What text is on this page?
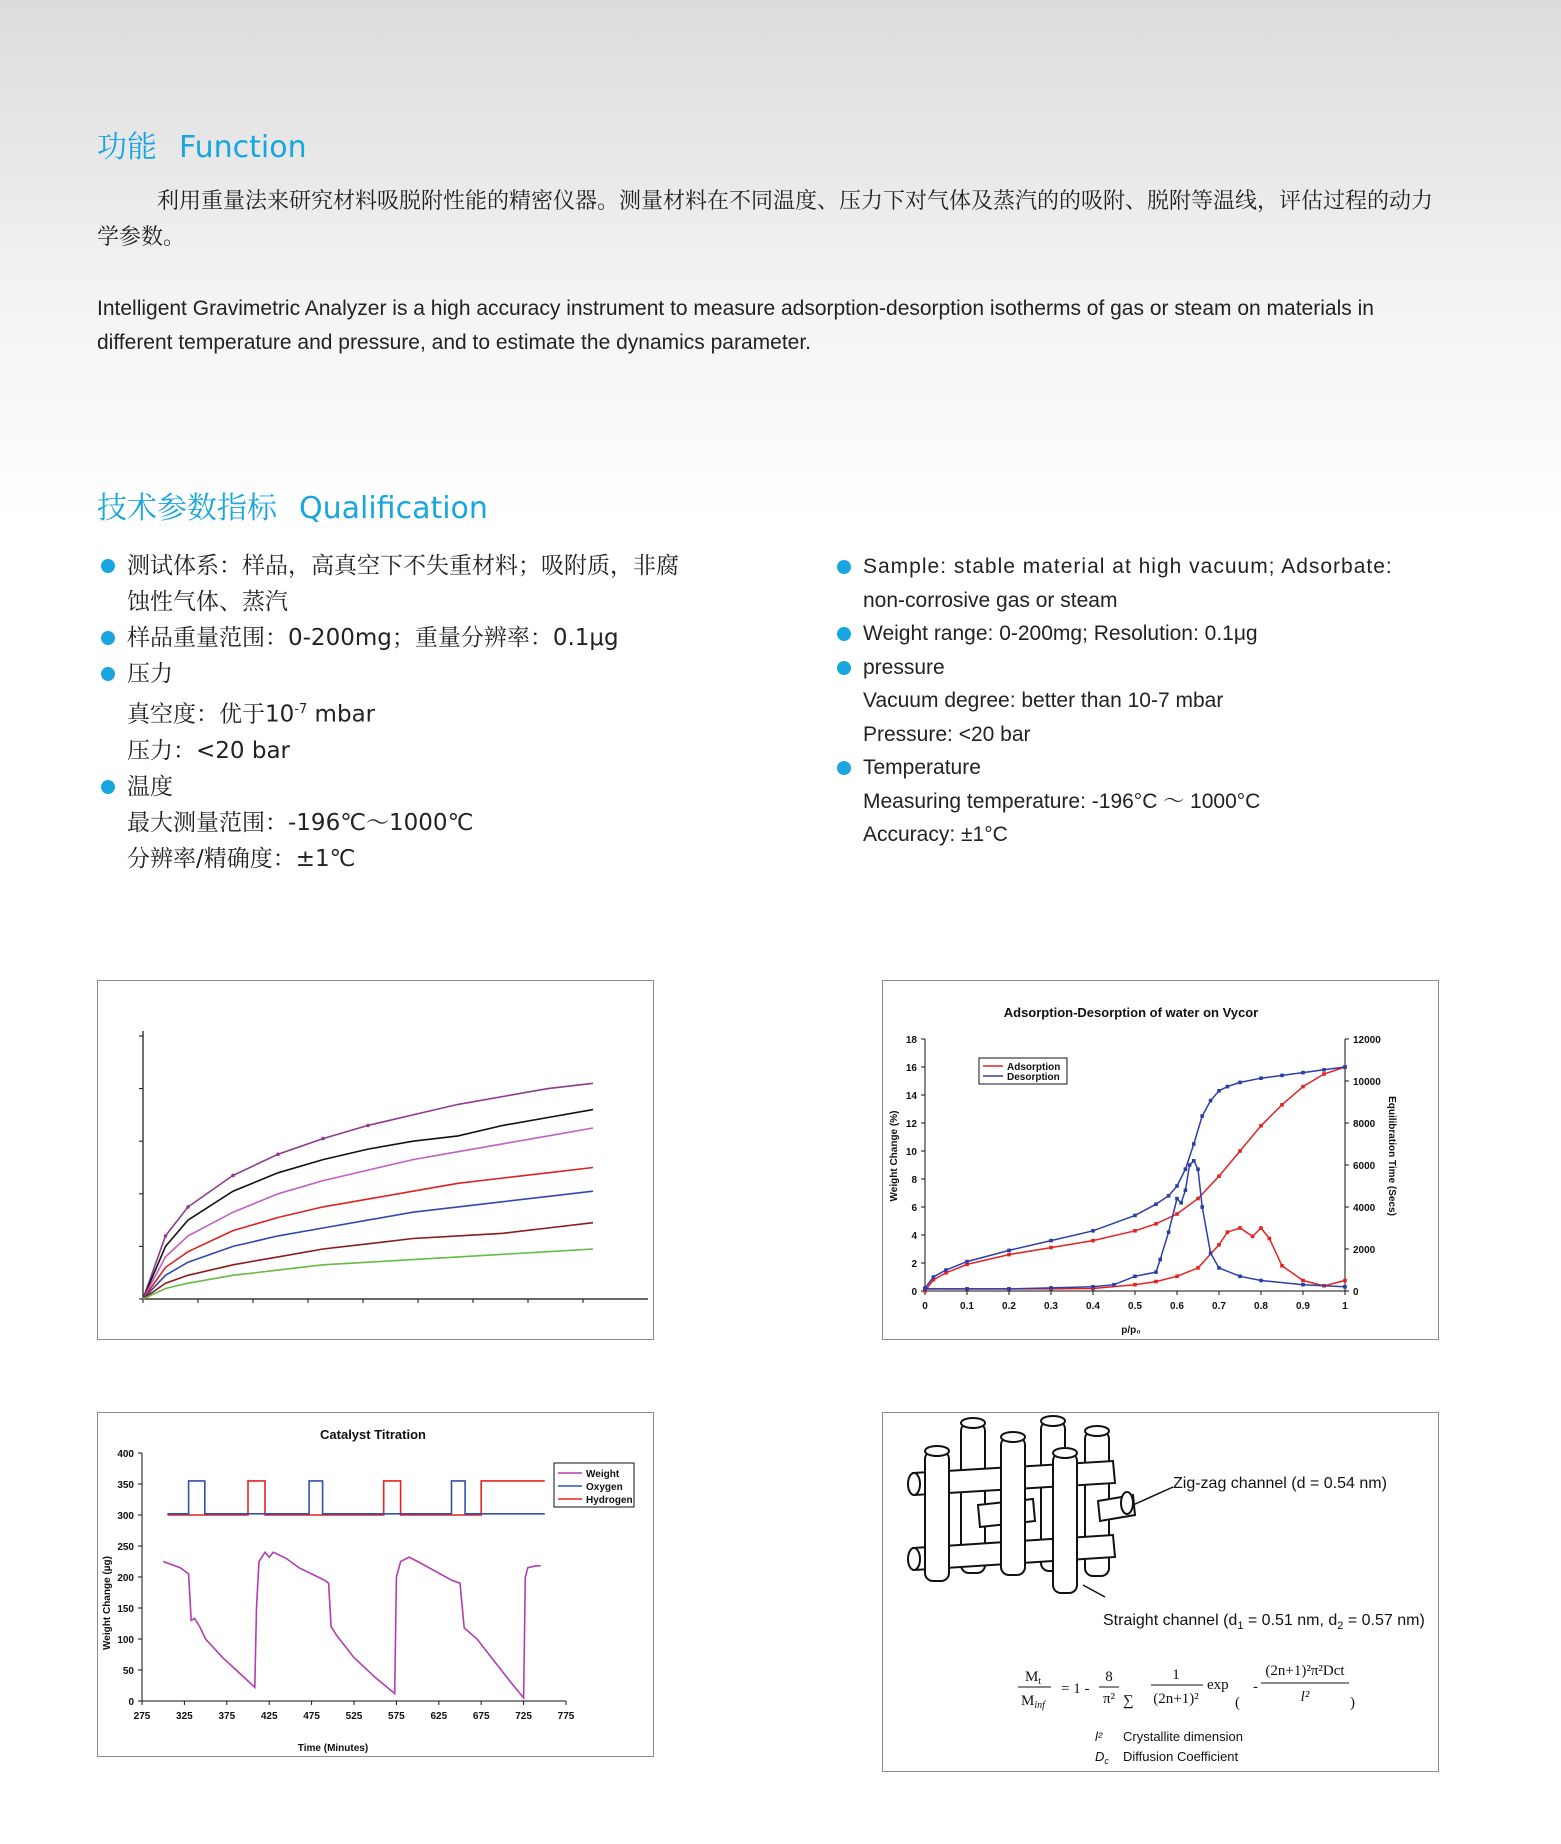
功能 Function

利用重量法来研究材料吸脱附性能的精密仪器。测量材料在不同温度、压力下对气体及蒸汽的的吸附、脱附等温线，评估过程的动力学参数。

Intelligent Gravimetric Analyzer is a high accuracy instrument to measure adsorption-desorption isotherms of gas or steam on materials in different temperature and pressure, and to estimate the dynamics parameter.

技术参数指标 Qualification
测试体系：样品，高真空下不失重材料；吸附质，非腐
蚀性气体、蒸汽
样品重量范围：0-200mg；重量分辨率：0.1μg
压力
真空度：优于$10^{-7}$ mbar
压力：<20 bar
温度
最大测量范围：-196℃～1000℃
分辨率/精确度：±1℃
Sample: stable material at high vacuum; Adsorbate:
non-corrosive gas or steam
Weight range: 0-200mg; Resolution: 0.1μg
pressure
Vacuum degree: better than 10-7 mbar
Pressure: <20 bar
Temperature
Measuring temperature: -196°C ～ 1000°C
Accuracy: ±1°C
Adsorption-Desorption of water on Vycor
p/p₀
Weight Change (%)	Equilibration Time (Secs)
0	0.1	0.2	0.3	0.4	0.5	0.6	0.7	0.8	0.9	1
0
2
4
6
8
10
12
14
16
18
0
2000
4000
6000
8000
10000
12000
Adsorption
Desorption
Catalyst Titration
Time (Minutes)
Weight Change (µg)
275	325	375	425	475	525	575	625	675	725	775
0
50
100
150
200
250
300
350
400
Weight
Oxygen
Hydrogen
Zig-zag channel (d = 0.54 nm)
Straight channel ($d_1 = 0.51$ nm, $d_2 = 0.57$ nm)
$M_t$
$M_{inf}$
= 1 -
8
π² ∑
1
(2n+1)²
exp
(
-
(2n+1)²π²Dct
l²	)
l² Crystallite dimension
$D_c$ Diffusion Coefficient
